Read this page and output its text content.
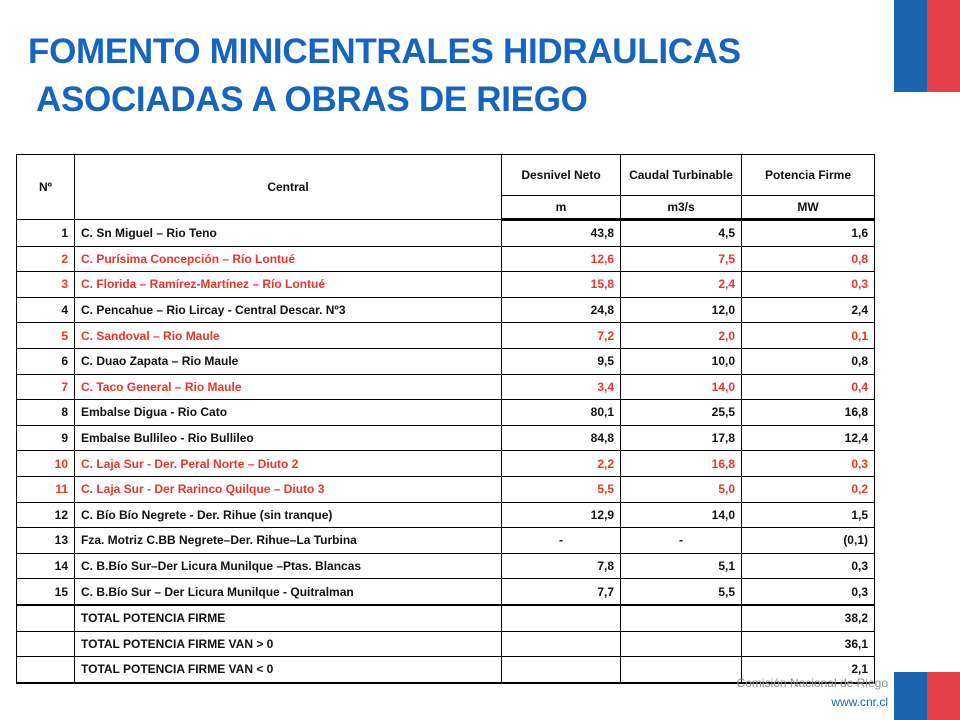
FOMENTO MINICENTRALES HIDRAULICAS
ASOCIADAS A OBRAS DE RIEGO
Nº	Central	Desnivel Neto	Caudal Turbinable	Potencia Firme
		m	m3/s	MW
1	C. Sn Miguel – Rio Teno	43,8	4,5	1,6
2	C. Purísima Concepción – Río Lontué	12,6	7,5	0,8
3	C. Florida – Ramírez-Martínez – Río Lontué	15,8	2,4	0,3
4	C. Pencahue – Rio Lircay - Central Descar. Nº3	24,8	12,0	2,4
5	C. Sandoval – Rio Maule	7,2	2,0	0,1
6	C. Duao Zapata – Rio Maule	9,5	10,0	0,8
7	C. Taco General – Rio Maule	3,4	14,0	0,4
8	Embalse Digua - Rio Cato	80,1	25,5	16,8
9	Embalse Bullileo - Rio Bullileo	84,8	17,8	12,4
10	C. Laja Sur - Der. Peral Norte – Diuto 2	2,2	16,8	0,3
11	C. Laja Sur - Der Rarinco Quilque – Diuto 3	5,5	5,0	0,2
12	C. Bío Bío Negrete - Der. Rihue (sin tranque)	12,9	14,0	1,5
13	Fza. Motriz C.BB Negrete–Der. Rihue–La Turbina	-	-	(0,1)
14	C. B.Bío Sur–Der Licura Munilque –Ptas. Blancas	7,8	5,1	0,3
15	C. B.Bío Sur – Der Licura Munilque - Quitralman	7,7	5,5	0,3
	TOTAL POTENCIA FIRME			38,2
	TOTAL POTENCIA FIRME VAN > 0			36,1
	TOTAL POTENCIA FIRME VAN < 0			2,1
Comisión Nacional de Riego
www.cnr.cl
